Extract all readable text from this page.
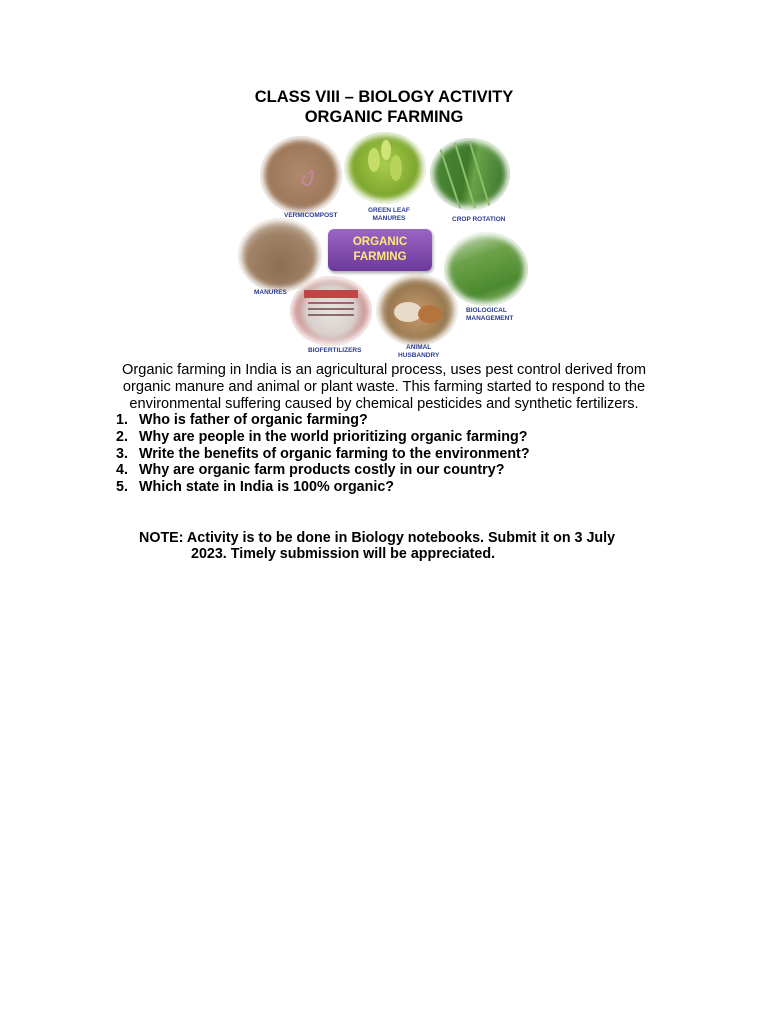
CLASS VIII – BIOLOGY ACTIVITY
ORGANIC FARMING
ORGANIC
FARMING
VERMICOMPOST
GREEN LEAF
MANURES	CROP ROTATION
MANURES
BIOLOGICAL
MANAGEMENT
BIOFERTILIZERS	ANIMAL
HUSBANDRY
Organic farming in India is an agricultural process, uses pest control derived from
organic manure and animal or plant waste. This farming started to respond to the
environmental suffering caused by chemical pesticides and synthetic fertilizers.
1. Who is father of organic farming?
2. Why are people in the world prioritizing organic farming?
3. Write the benefits of organic farming to the environment?
4. Why are organic farm products costly in our country?
5. Which state in India is 100% organic?
NOTE: Activity is to be done in Biology notebooks. Submit it on 3 July
2023. Timely submission will be appreciated.
